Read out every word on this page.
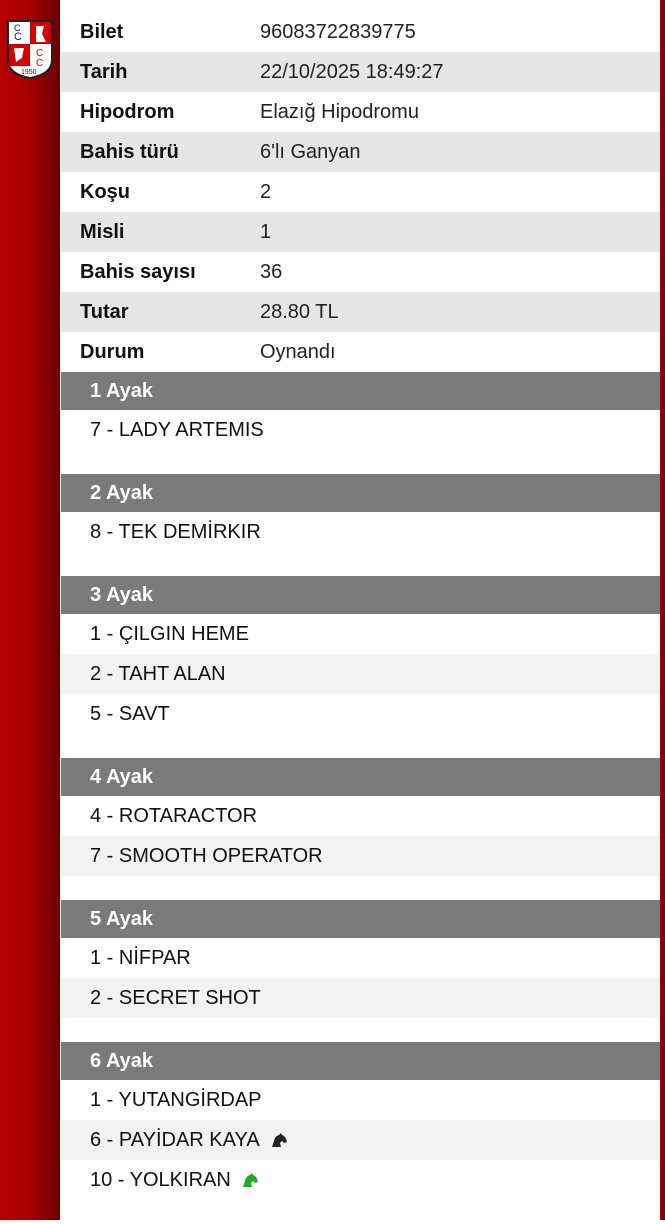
C
C
C
C
1950
Bilet	96083722839775
Tarih	22/10/2025 18:49:27
Hipodrom	Elazığ Hipodromu
Bahis türü	6'lı Ganyan
Koşu	2
Misli	1
Bahis sayısı	36
Tutar	28.80 TL
Durum	Oynandı
1 Ayak
7 - LADY ARTEMIS
2 Ayak
8 - TEK DEMİRKIR
3 Ayak
1 - ÇILGIN HEME
2 - TAHT ALAN
5 - SAVT
4 Ayak
4 - ROTARACTOR
7 - SMOOTH OPERATOR
5 Ayak
1 - NİFPAR
2 - SECRET SHOT
6 Ayak
1 - YUTANGİRDAP
6 - PAYİDAR KAYA
10 - YOLKIRAN
